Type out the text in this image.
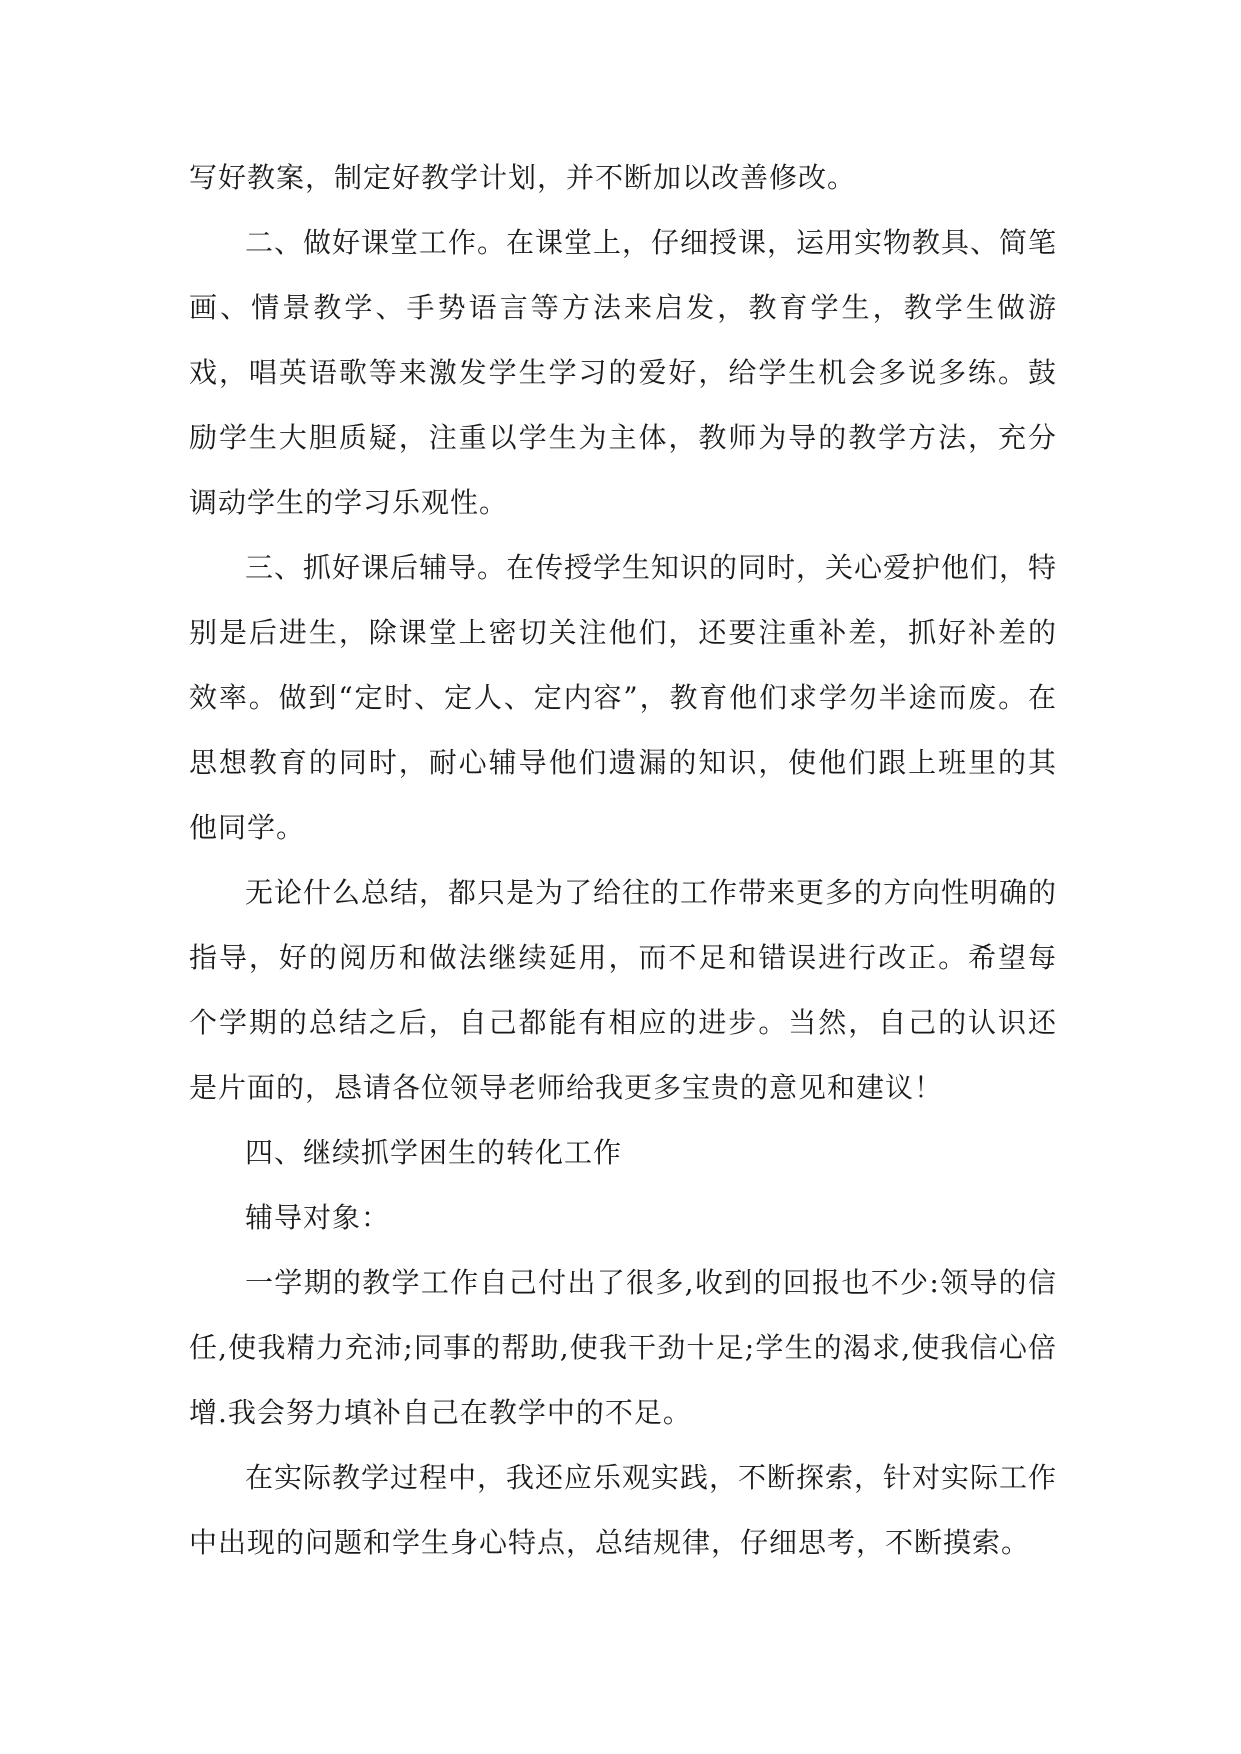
写好教案，制定好教学计划，并不断加以改善修改。

二、做好课堂工作。在课堂上，仔细授课，运用实物教具、简笔画、情景教学、手势语言等方法来启发，教育学生，教学生做游戏，唱英语歌等来激发学生学习的爱好，给学生机会多说多练。鼓励学生大胆质疑，注重以学生为主体，教师为导的教学方法，充分调动学生的学习乐观性。

三、抓好课后辅导。在传授学生知识的同时，关心爱护他们，特别是后进生，除课堂上密切关注他们，还要注重补差，抓好补差的效率。做到“定时、定人、定内容”，教育他们求学勿半途而废。在思想教育的同时，耐心辅导他们遗漏的知识，使他们跟上班里的其他同学。

无论什么总结，都只是为了给往的工作带来更多的方向性明确的指导，好的阅历和做法继续延用，而不足和错误进行改正。希望每个学期的总结之后，自己都能有相应的进步。当然，自己的认识还是片面的，恳请各位领导老师给我更多宝贵的意见和建议！

四、继续抓学困生的转化工作

辅导对象：

一学期的教学工作自己付出了很多,收到的回报也不少:领导的信任,使我精力充沛;同事的帮助,使我干劲十足;学生的渴求,使我信心倍增.我会努力填补自己在教学中的不足。

在实际教学过程中，我还应乐观实践，不断探索，针对实际工作中出现的问题和学生身心特点，总结规律，仔细思考，不断摸索。
